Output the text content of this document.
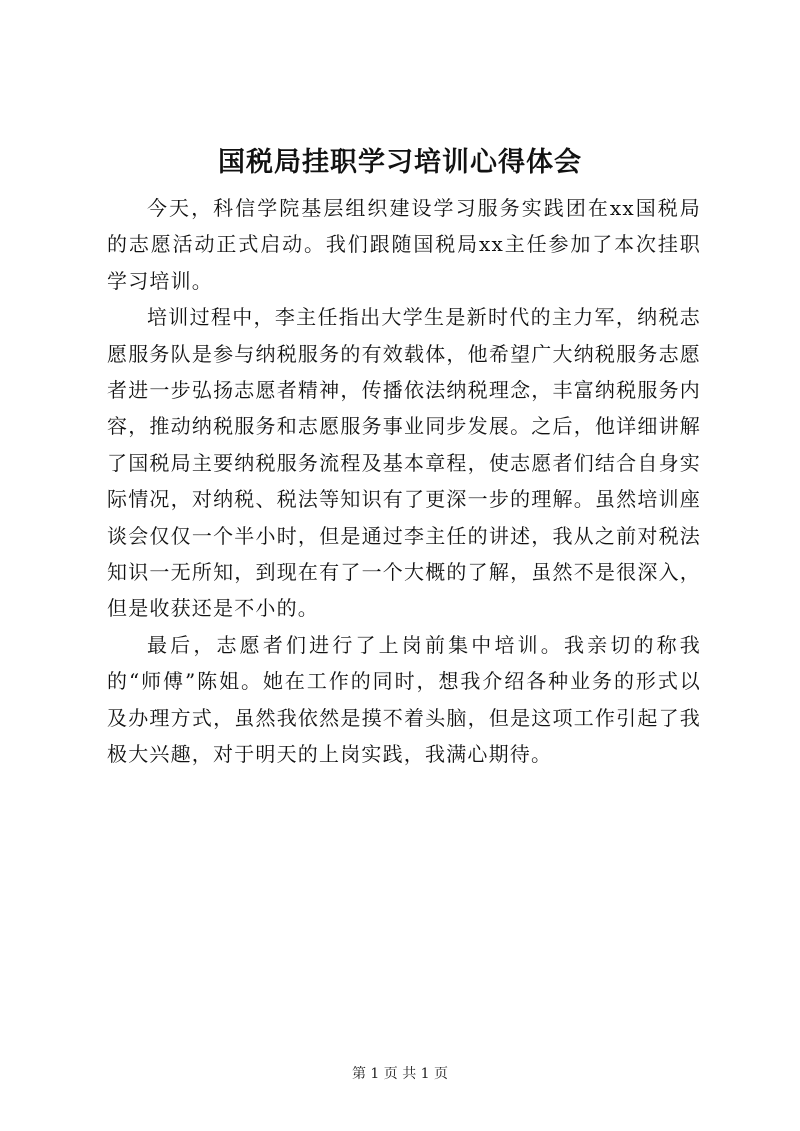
国税局挂职学习培训心得体会

今天，科信学院基层组织建设学习服务实践团在xx国税局的志愿活动正式启动。我们跟随国税局xx主任参加了本次挂职学习培训。

培训过程中，李主任指出大学生是新时代的主力军，纳税志愿服务队是参与纳税服务的有效载体，他希望广大纳税服务志愿者进一步弘扬志愿者精神，传播依法纳税理念，丰富纳税服务内容，推动纳税服务和志愿服务事业同步发展。之后，他详细讲解了国税局主要纳税服务流程及基本章程，使志愿者们结合自身实际情况，对纳税、税法等知识有了更深一步的理解。虽然培训座谈会仅仅一个半小时，但是通过李主任的讲述，我从之前对税法知识一无所知，到现在有了一个大概的了解，虽然不是很深入，但是收获还是不小的。

最后，志愿者们进行了上岗前集中培训。我亲切的称我的“师傅”陈姐。她在工作的同时，想我介绍各种业务的形式以及办理方式，虽然我依然是摸不着头脑，但是这项工作引起了我极大兴趣，对于明天的上岗实践，我满心期待。

第 1 页 共 1 页
